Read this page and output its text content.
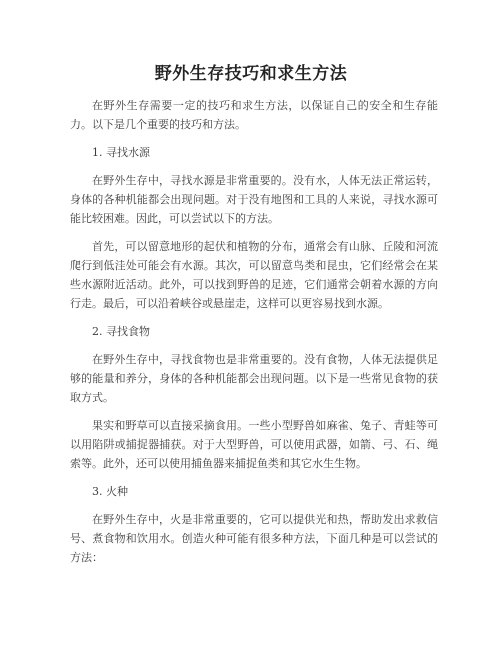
野外生存技巧和求生方法

在野外生存需要一定的技巧和求生方法，以保证自己的安全和生存能力。以下是几个重要的技巧和方法。

1. 寻找水源

在野外生存中，寻找水源是非常重要的。没有水，人体无法正常运转，身体的各种机能都会出现问题。对于没有地图和工具的人来说，寻找水源可能比较困难。因此，可以尝试以下的方法。

首先，可以留意地形的起伏和植物的分布，通常会有山脉、丘陵和河流爬行到低洼处可能会有水源。其次，可以留意鸟类和昆虫，它们经常会在某些水源附近活动。此外，可以找到野兽的足迹，它们通常会朝着水源的方向行走。最后，可以沿着峡谷或悬崖走，这样可以更容易找到水源。

2. 寻找食物

在野外生存中，寻找食物也是非常重要的。没有食物，人体无法提供足够的能量和养分，身体的各种机能都会出现问题。以下是一些常见食物的获取方式。

果实和野草可以直接采摘食用。一些小型野兽如麻雀、兔子、青蛙等可以用陷阱或捕捉器捕获。对于大型野兽，可以使用武器，如箭、弓、石、绳索等。此外，还可以使用捕鱼器来捕捉鱼类和其它水生生物。

3. 火种

在野外生存中，火是非常重要的，它可以提供光和热，帮助发出求救信号、煮食物和饮用水。创造火种可能有很多种方法，下面几种是可以尝试的方法：
